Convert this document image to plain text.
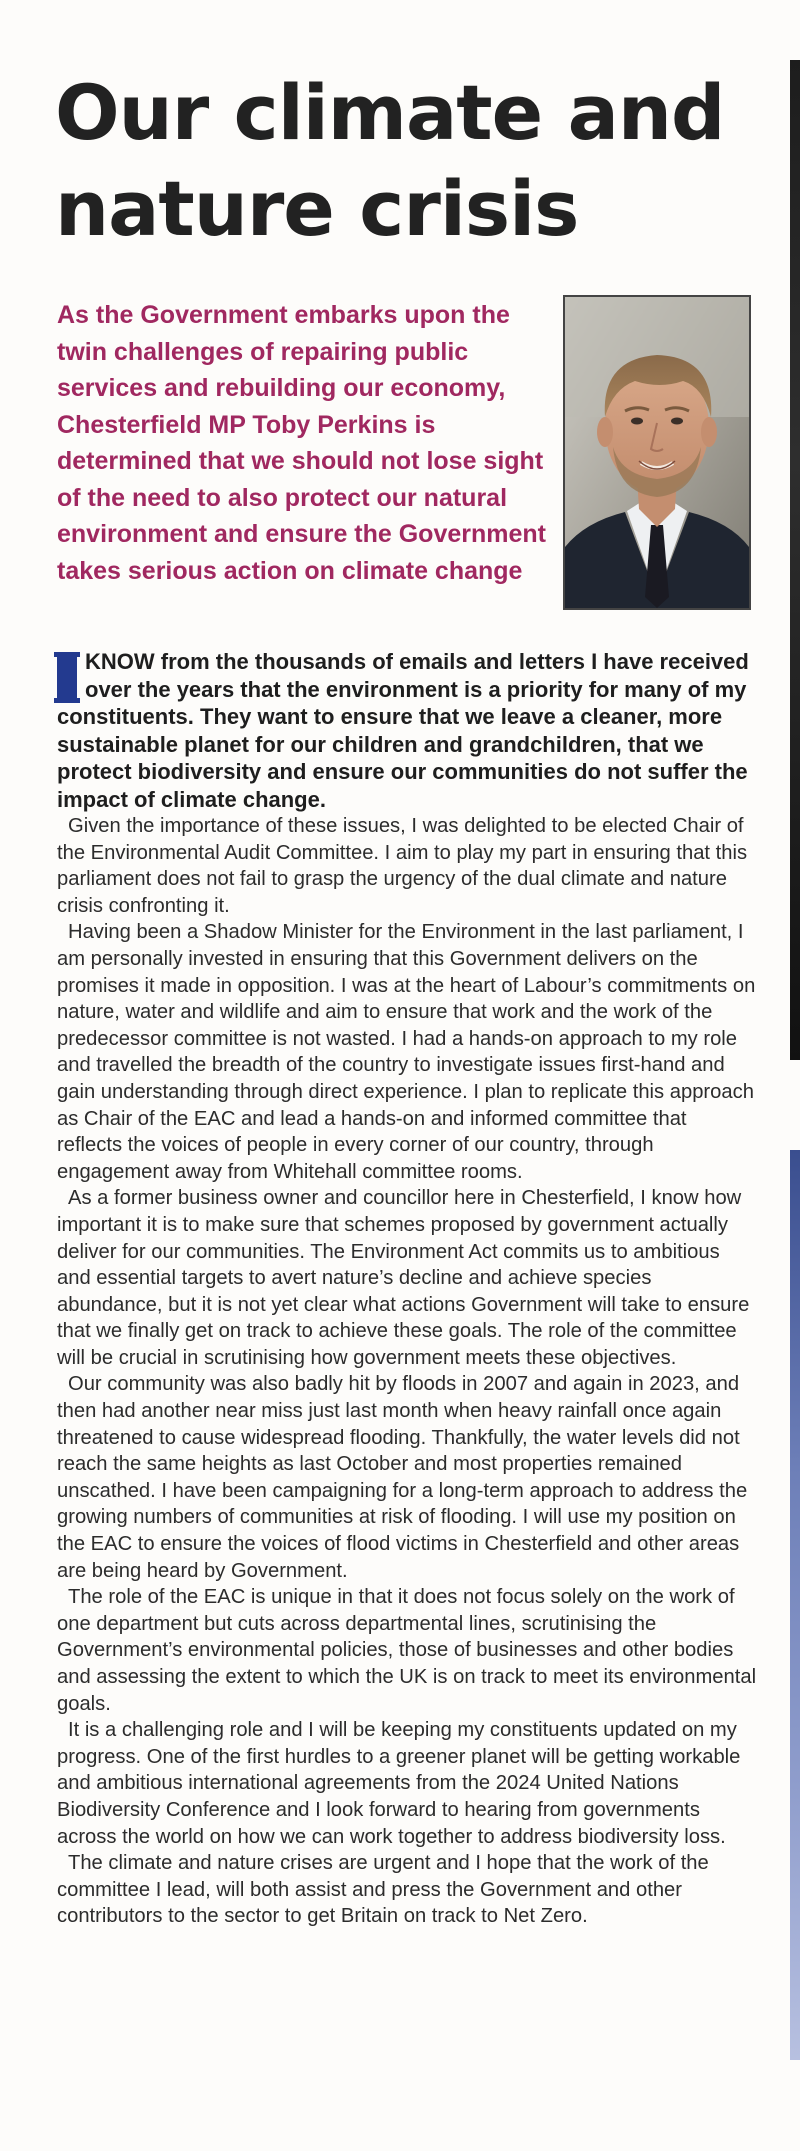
Our climate and nature crisis

As the Government embarks upon the twin challenges of repairing public services and rebuilding our economy, Chesterfield MP Toby Perkins is determined that we should not lose sight of the need to also protect our natural environment and ensure the Government takes serious action on climate change

KNOW from the thousands of emails and letters I have received over the years that the environment is a priority for many of my constituents. They want to ensure that we leave a cleaner, more sustainable planet for our children and grandchildren, that we protect biodiversity and ensure our communities do not suffer the impact of climate change.

Given the importance of these issues, I was delighted to be elected Chair of the Environmental Audit Committee. I aim to play my part in ensuring that this parliament does not fail to grasp the urgency of the dual climate and nature crisis confronting it.

Having been a Shadow Minister for the Environment in the last parliament, I am personally invested in ensuring that this Government delivers on the promises it made in opposition. I was at the heart of Labour’s commitments on nature, water and wildlife and aim to ensure that work and the work of the predecessor committee is not wasted. I had a hands-on approach to my role and travelled the breadth of the country to investigate issues first-hand and gain understanding through direct experience. I plan to replicate this approach as Chair of the EAC and lead a hands-on and informed committee that reflects the voices of people in every corner of our country, through engagement away from Whitehall committee rooms.

As a former business owner and councillor here in Chesterfield, I know how important it is to make sure that schemes proposed by government actually deliver for our communities. The Environment Act commits us to ambitious and essential targets to avert nature’s decline and achieve species abundance, but it is not yet clear what actions Government will take to ensure that we finally get on track to achieve these goals. The role of the committee will be crucial in scrutinising how government meets these objectives.

Our community was also badly hit by floods in 2007 and again in 2023, and then had another near miss just last month when heavy rainfall once again threatened to cause widespread flooding. Thankfully, the water levels did not reach the same heights as last October and most properties remained unscathed. I have been campaigning for a long-term approach to address the growing numbers of communities at risk of flooding. I will use my position on the EAC to ensure the voices of flood victims in Chesterfield and other areas are being heard by Government.

The role of the EAC is unique in that it does not focus solely on the work of one department but cuts across departmental lines, scrutinising the Government’s environmental policies, those of businesses and other bodies and assessing the extent to which the UK is on track to meet its environmental goals.

It is a challenging role and I will be keeping my constituents updated on my progress. One of the first hurdles to a greener planet will be getting workable and ambitious international agreements from the 2024 United Nations Biodiversity Conference and I look forward to hearing from governments across the world on how we can work together to address biodiversity loss.

The climate and nature crises are urgent and I hope that the work of the committee I lead, will both assist and press the Government and other contributors to the sector to get Britain on track to Net Zero.
